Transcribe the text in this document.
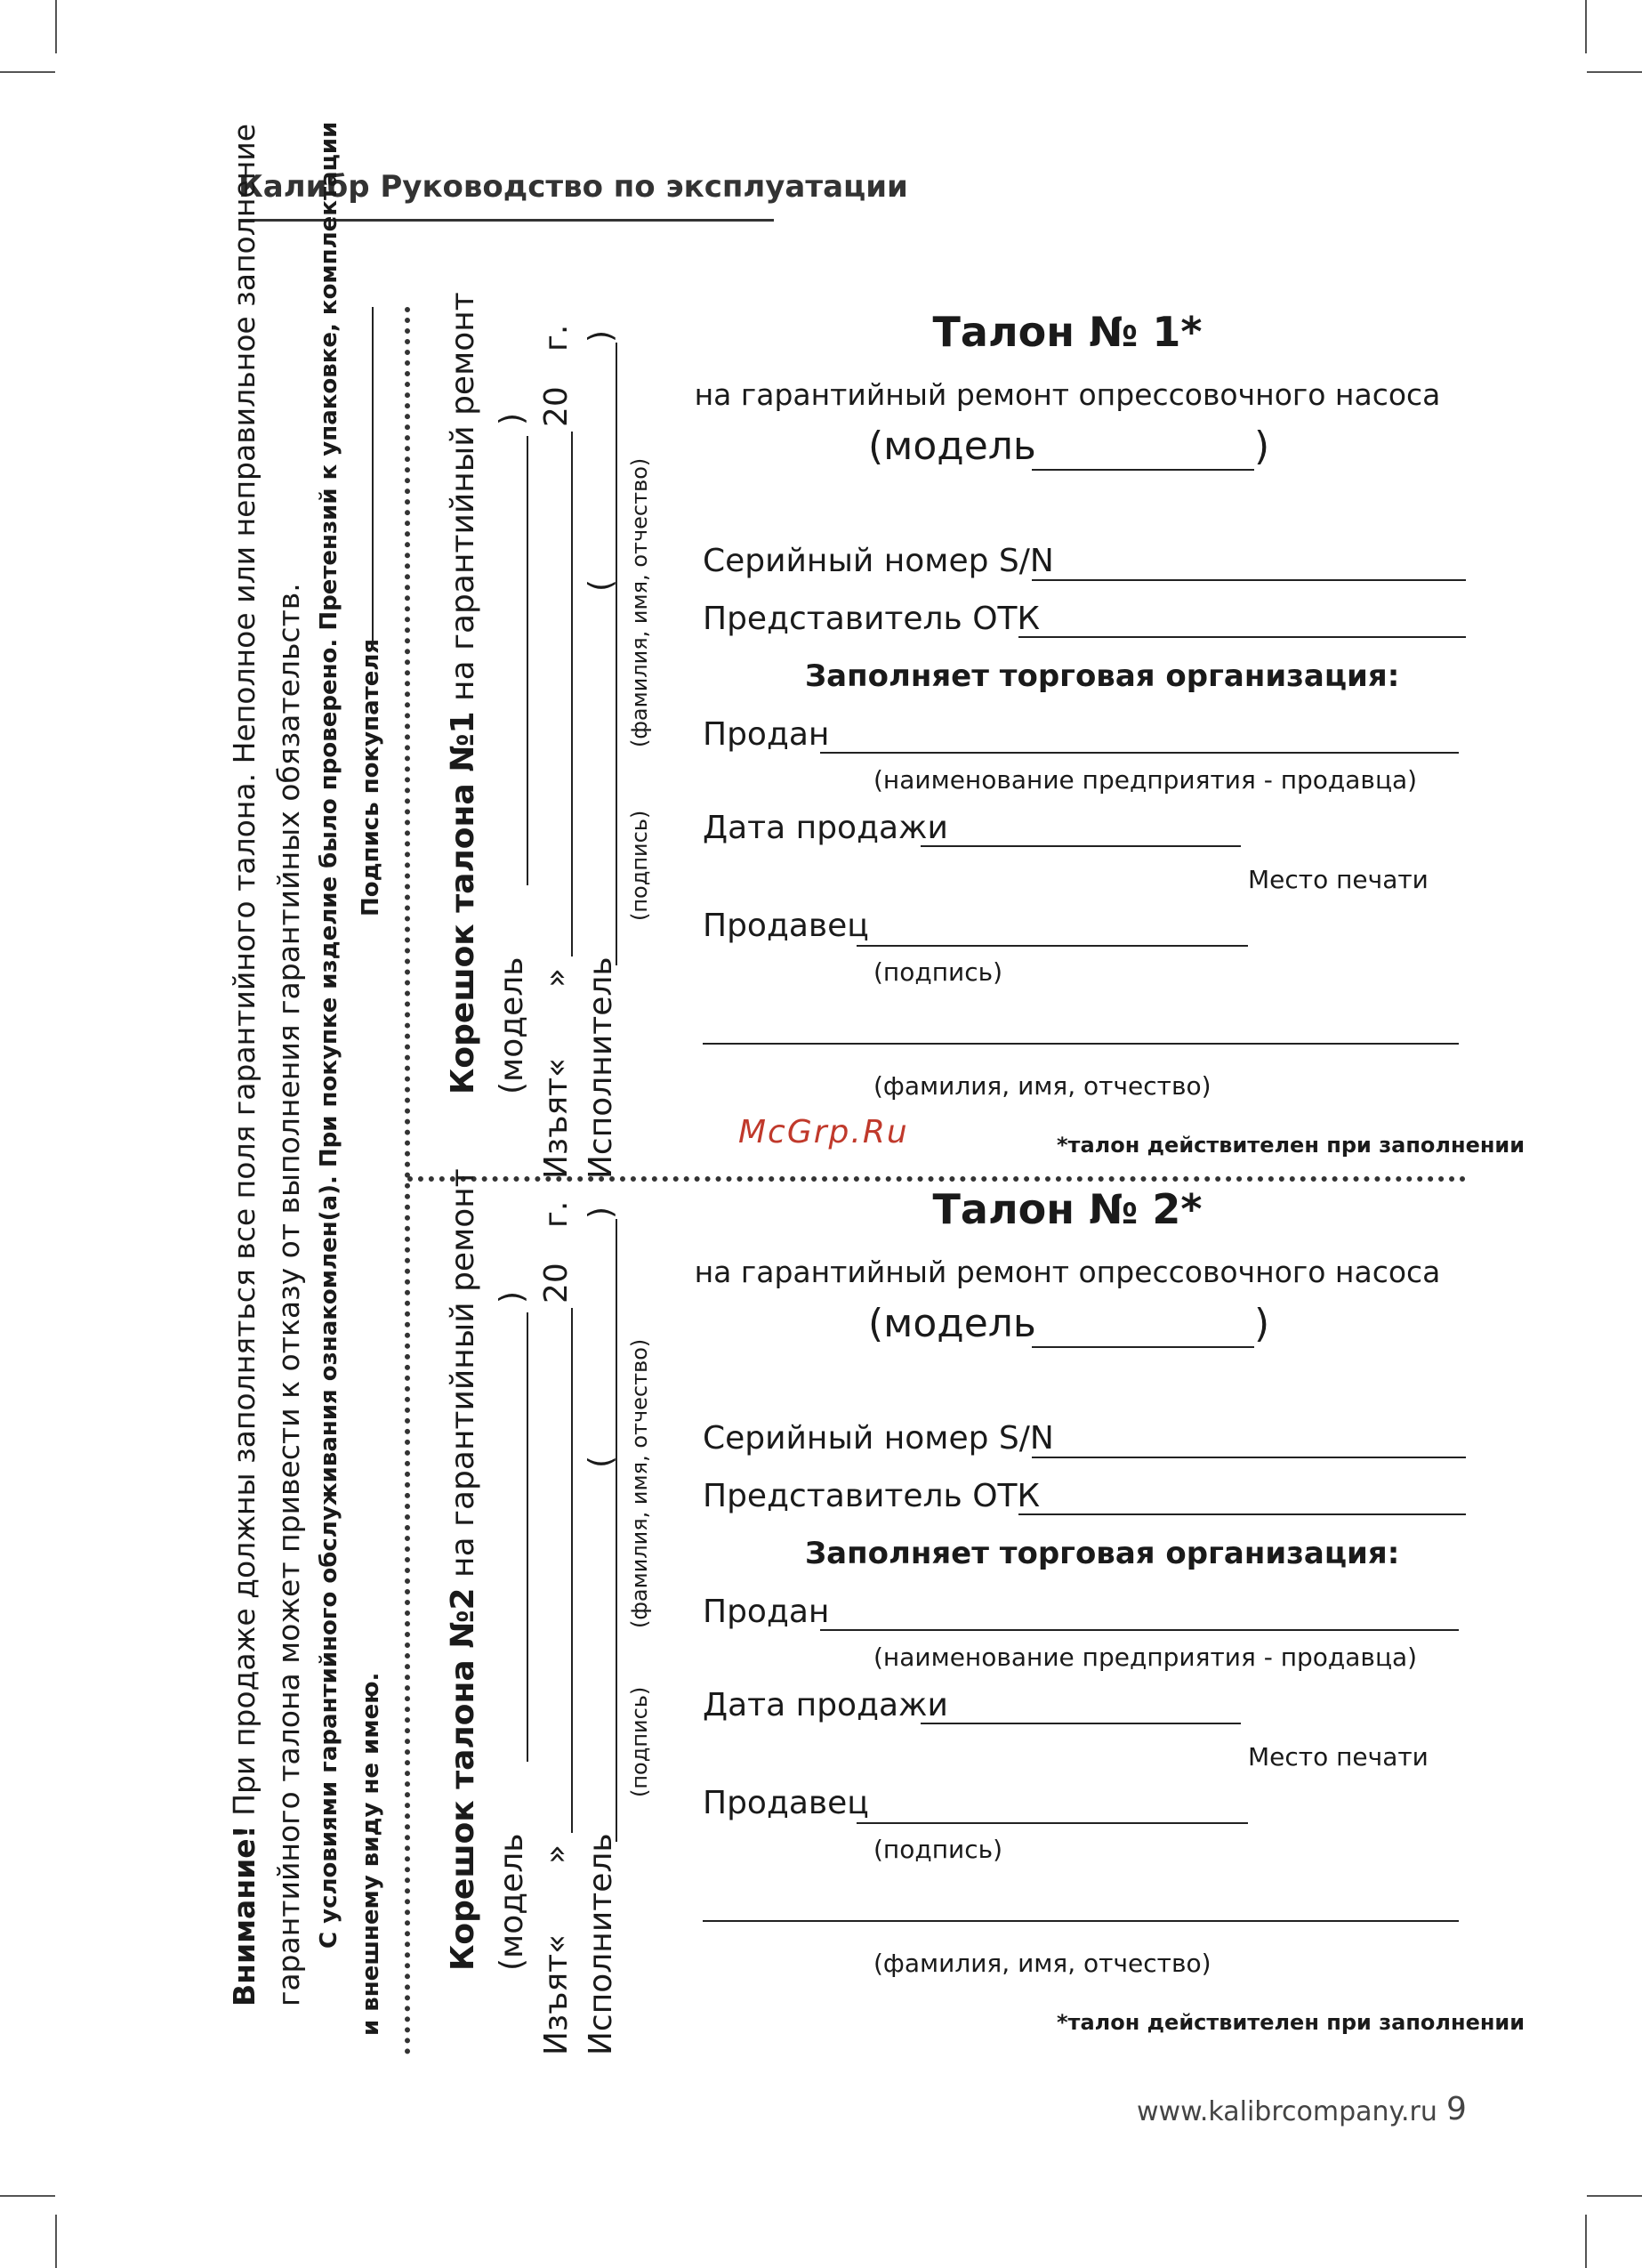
Калибр Руководство по эксплуатации
Внимание! При продаже должны заполняться все поля гарантийного талона. Неполное или неправильное заполнение гарантийного талона может привести к отказу от выполнения гарантийных обязательств. С условиями гарантийного обслуживания ознакомлен(а). При покупке изделие было проверено. Претензий к упаковке, комплектации и внешнему виду не имею.
Подпись покупателя Корешок талона №1 на гарантийный ремонт
(модель
)
Изъят«
»
20
г.
Исполнитель
(
)
(подпись)
(фамилия, имя, отчество)
Корешок талона №2 на гарантийный ремонт
(модель
)
Изъят«
»
20
г.
Исполнитель
(
)
(подпись)
(фамилия, имя, отчество)
Талон № 1*
на гарантийный ремонт опрессовочного насоса
(модель	)
Серийный номер S/N
Представитель ОТК
Заполняет торговая организация:
Продан
(наименование предприятия - продавца)
Дата продажи
Место печати
Продавец
(подпись)
(фамилия, имя, отчество)
McGrp.Ru	*талон действителен при заполнении
Талон № 2*
на гарантийный ремонт опрессовочного насоса
(модель	)
Серийный номер S/N
Представитель ОТК
Заполняет торговая организация:
Продан
(наименование предприятия - продавца)
Дата продажи
Место печати
Продавец
(подпись)
(фамилия, имя, отчество)
*талон действителен при заполнении
www.kalibrcompany.ru 9
